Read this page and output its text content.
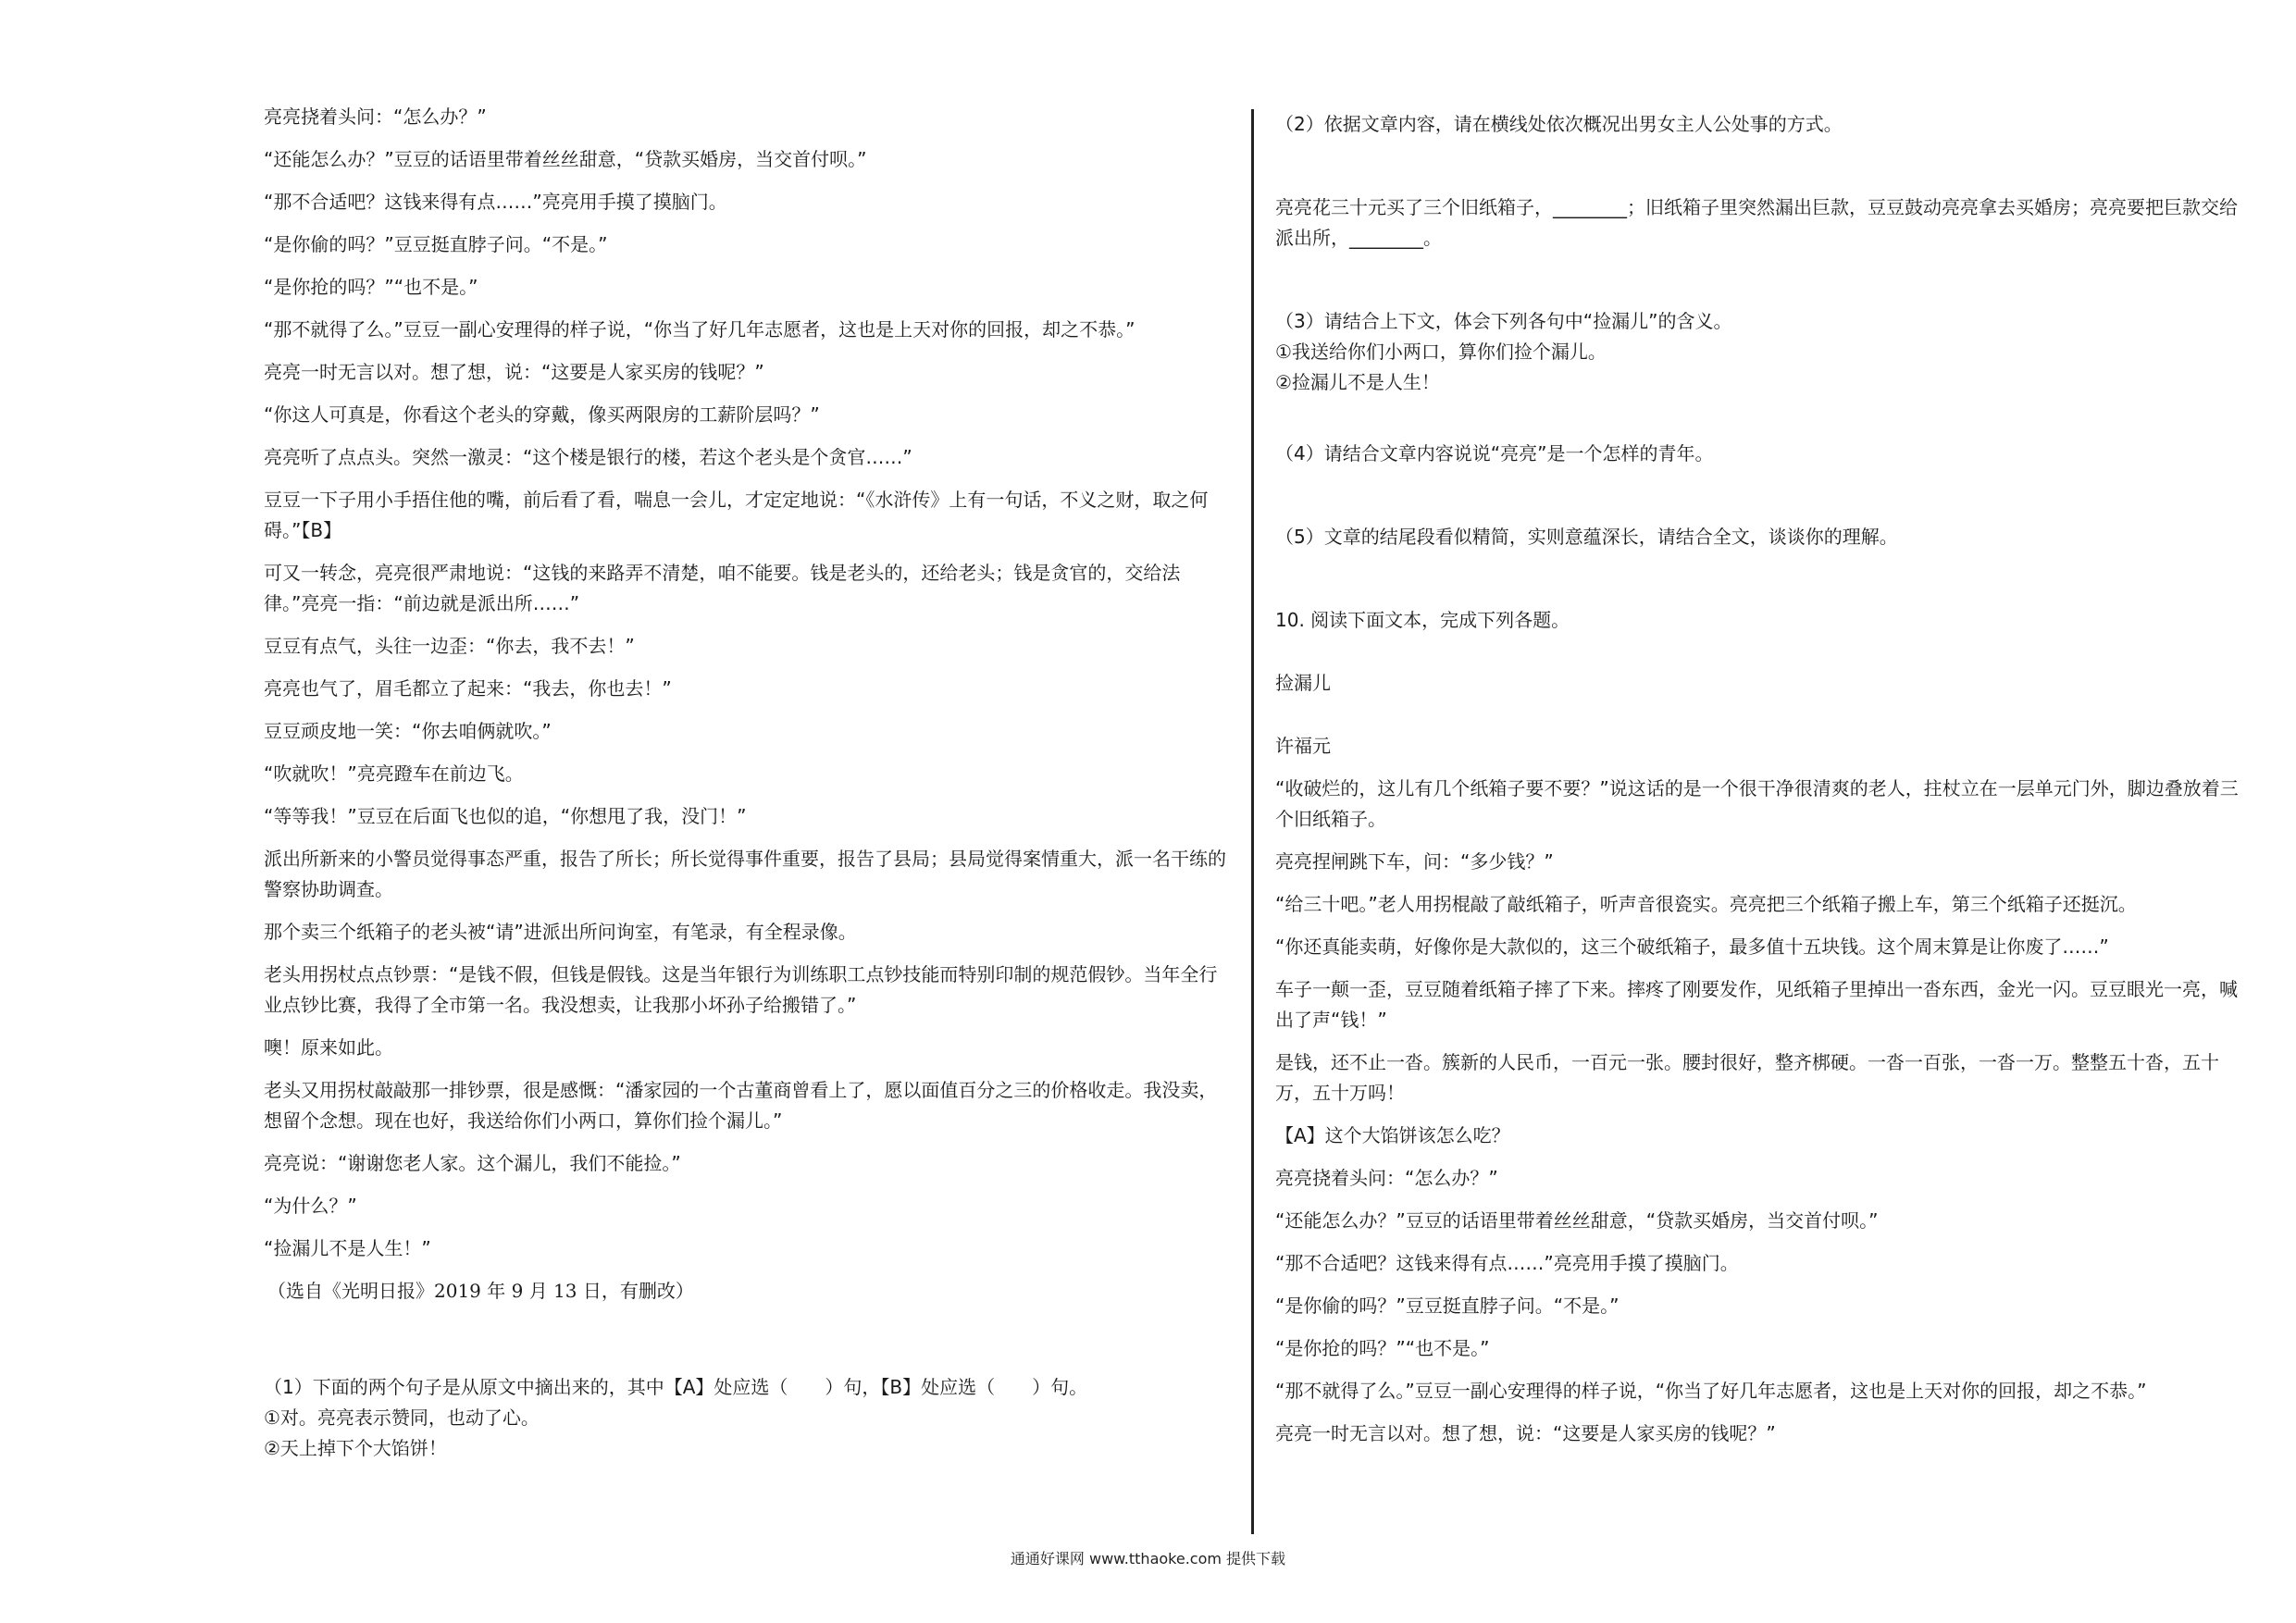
亮亮挠着头问：“怎么办？”

“还能怎么办？”豆豆的话语里带着丝丝甜意，“贷款买婚房，当交首付呗。”

“那不合适吧？这钱来得有点……”亮亮用手摸了摸脑门。

“是你偷的吗？”豆豆挺直脖子问。“不是。”

“是你抢的吗？”“也不是。”

“那不就得了么。”豆豆一副心安理得的样子说，“你当了好几年志愿者，这也是上天对你的回报，却之不恭。”

亮亮一时无言以对。想了想，说：“这要是人家买房的钱呢？”

“你这人可真是，你看这个老头的穿戴，像买两限房的工薪阶层吗？”

亮亮听了点点头。突然一激灵：“这个楼是银行的楼，若这个老头是个贪官……”

豆豆一下子用小手捂住他的嘴，前后看了看，喘息一会儿，才定定地说：“《水浒传》上有一句话，不义之财，取之何碍。”【B】

可又一转念，亮亮很严肃地说：“这钱的来路弄不清楚，咱不能要。钱是老头的，还给老头；钱是贪官的，交给法律。”亮亮一指：“前边就是派出所……”

豆豆有点气，头往一边歪：“你去，我不去！”

亮亮也气了，眉毛都立了起来：“我去，你也去！”

豆豆顽皮地一笑：“你去咱俩就吹。”

“吹就吹！”亮亮蹬车在前边飞。

“等等我！”豆豆在后面飞也似的追，“你想甩了我，没门！”

派出所新来的小警员觉得事态严重，报告了所长；所长觉得事件重要，报告了县局；县局觉得案情重大，派一名干练的警察协助调查。

那个卖三个纸箱子的老头被“请”进派出所问询室，有笔录，有全程录像。

老头用拐杖点点钞票：“是钱不假，但钱是假钱。这是当年银行为训练职工点钞技能而特别印制的规范假钞。当年全行业点钞比赛，我得了全市第一名。我没想卖，让我那小坏孙子给搬错了。”

噢！原来如此。

老头又用拐杖敲敲那一排钞票，很是感慨：“潘家园的一个古董商曾看上了，愿以面值百分之三的价格收走。我没卖，想留个念想。现在也好，我送给你们小两口，算你们捡个漏儿。”

亮亮说：“谢谢您老人家。这个漏儿，我们不能捡。”

“为什么？”

“捡漏儿不是人生！”

（选自《光明日报》2019 年 9 月 13 日，有删改）

（1）下面的两个句子是从原文中摘出来的，其中【A】处应选（　　）句，【B】处应选（　　）句。

①对。亮亮表示赞同，也动了心。

②天上掉下个大馅饼！

（2）依据文章内容，请在横线处依次概况出男女主人公处事的方式。

亮亮花三十元买了三个旧纸箱子，________；旧纸箱子里突然漏出巨款，豆豆鼓动亮亮拿去买婚房；亮亮要把巨款交给派出所，________。

（3）请结合上下文，体会下列各句中“捡漏儿”的含义。

①我送给你们小两口，算你们捡个漏儿。

②捡漏儿不是人生！

（4）请结合文章内容说说“亮亮”是一个怎样的青年。

（5）文章的结尾段看似精简，实则意蕴深长，请结合全文，谈谈你的理解。

10. 阅读下面文本，完成下列各题。

捡漏儿

许福元

“收破烂的，这儿有几个纸箱子要不要？”说这话的是一个很干净很清爽的老人，拄杖立在一层单元门外，脚边叠放着三个旧纸箱子。

亮亮捏闸跳下车，问：“多少钱？”

“给三十吧。”老人用拐棍敲了敲纸箱子，听声音很瓷实。亮亮把三个纸箱子搬上车，第三个纸箱子还挺沉。

“你还真能卖萌，好像你是大款似的，这三个破纸箱子，最多值十五块钱。这个周末算是让你废了……”

车子一颠一歪，豆豆随着纸箱子摔了下来。摔疼了刚要发作，见纸箱子里掉出一沓东西，金光一闪。豆豆眼光一亮，喊出了声“钱！”

是钱，还不止一沓。簇新的人民币，一百元一张。腰封很好，整齐梆硬。一沓一百张，一沓一万。整整五十沓，五十万，五十万吗！

【A】这个大馅饼该怎么吃？

亮亮挠着头问：“怎么办？”

“还能怎么办？”豆豆的话语里带着丝丝甜意，“贷款买婚房，当交首付呗。”

“那不合适吧？这钱来得有点……”亮亮用手摸了摸脑门。

“是你偷的吗？”豆豆挺直脖子问。“不是。”

“是你抢的吗？”“也不是。”

“那不就得了么。”豆豆一副心安理得的样子说，“你当了好几年志愿者，这也是上天对你的回报，却之不恭。”

亮亮一时无言以对。想了想，说：“这要是人家买房的钱呢？”

通通好课网 www.tthaoke.com 提供下载
